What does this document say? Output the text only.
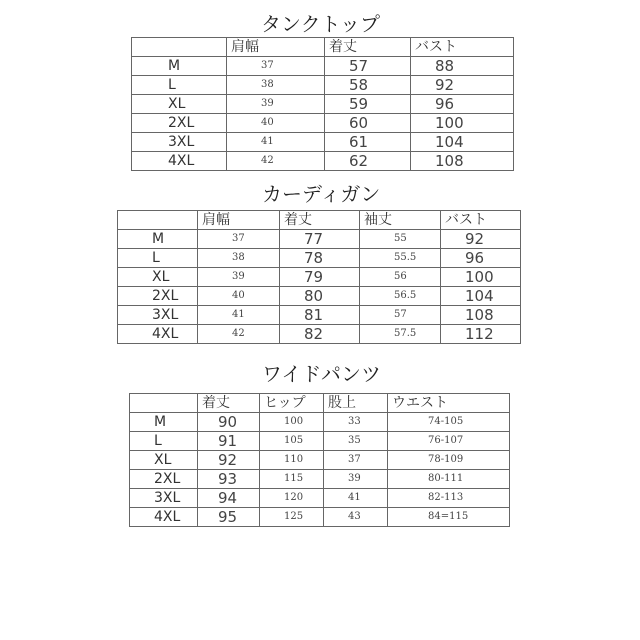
タンクトップ
	肩幅	着丈	バスト
M	37	57	88
L	38	58	92
XL	39	59	96
2XL	40	60	100
3XL	41	61	104
4XL	42	62	108
カーディガン
	肩幅	着丈	袖丈	バスト
M	37	77	55	92
L	38	78	55.5	96
XL	39	79	56	100
2XL	40	80	56.5	104
3XL	41	81	57	108
4XL	42	82	57.5	112
ワイドパンツ
	着丈	ヒップ	股上	ウエスト
M	90	100	33	74-105
L	91	105	35	76-107
XL	92	110	37	78-109
2XL	93	115	39	80-111
3XL	94	120	41	82-113
4XL	95	125	43	84=115
